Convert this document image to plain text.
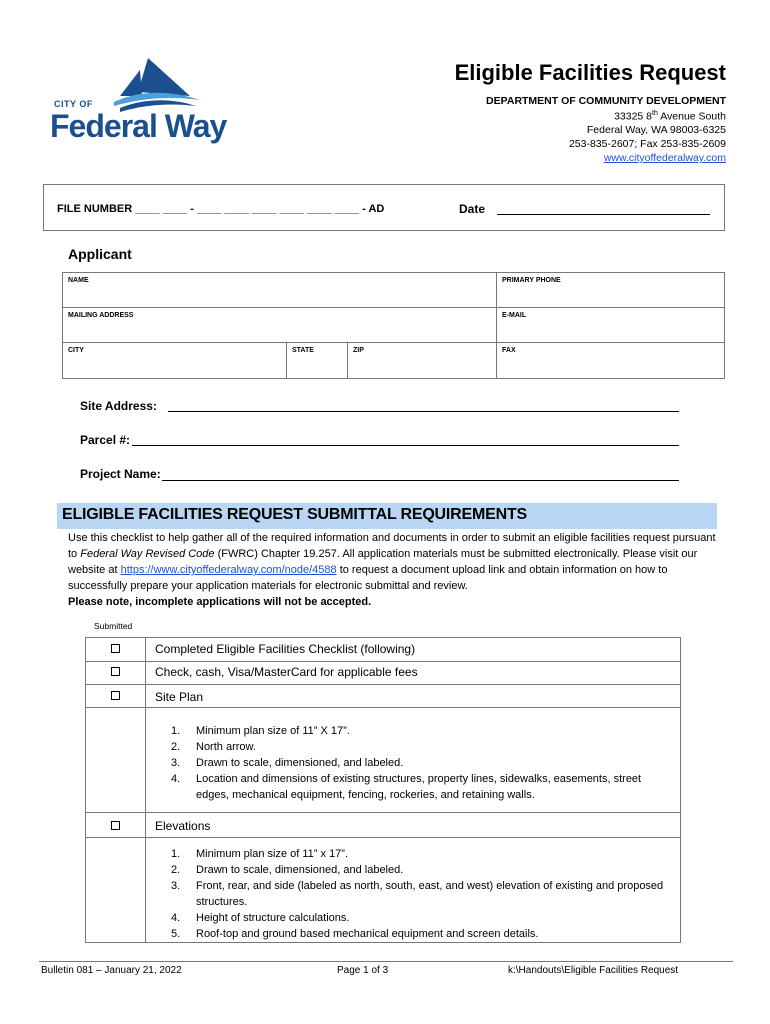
CITY OF
Federal Way
Eligible Facilities Request
DEPARTMENT OF COMMUNITY DEVELOPMENT
33325 8th Avenue South
Federal Way, WA 98003-6325
253-835-2607; Fax 253-835-2609
www.cityoffederalway.com
FILE NUMBER ____ ____ - ____ ____ ____ ____ ____ ____ - AD	Date
Applicant
NAME	PRIMARY PHONE
MAILING ADDRESS	E-MAIL
CITY	STATE	ZIP	FAX
Site Address:
Parcel #:
Project Name:
ELIGIBLE FACILITIES REQUEST SUBMITTAL REQUIREMENTS
Use this checklist to help gather all of the required information and documents in order to submit an eligible facilities request pursuant to Federal Way Revised Code (FWRC) Chapter 19.257. All application materials must be submitted electronically. Please visit our website at https://www.cityoffederalway.com/node/4588 to request a document upload link and obtain information on how to successfully prepare your application materials for electronic submittal and review.
Please note, incomplete applications will not be accepted.
Submitted
Completed Eligible Facilities Checklist (following)
Check, cash, Visa/MasterCard for applicable fees
Site Plan
1. Minimum plan size of 11” X 17”.
2. North arrow.
3. Drawn to scale, dimensioned, and labeled.
4. Location and dimensions of existing structures, property lines, sidewalks, easements, street edges, mechanical equipment, fencing, rockeries, and retaining walls.
Elevations
1. Minimum plan size of 11” x 17”.
2. Drawn to scale, dimensioned, and labeled.
3. Front, rear, and side (labeled as north, south, east, and west) elevation of existing and proposed structures.
4. Height of structure calculations.
5. Roof-top and ground based mechanical equipment and screen details.
Bulletin 081 – January 21, 2022	Page 1 of 3	k:\Handouts\Eligible Facilities Request
